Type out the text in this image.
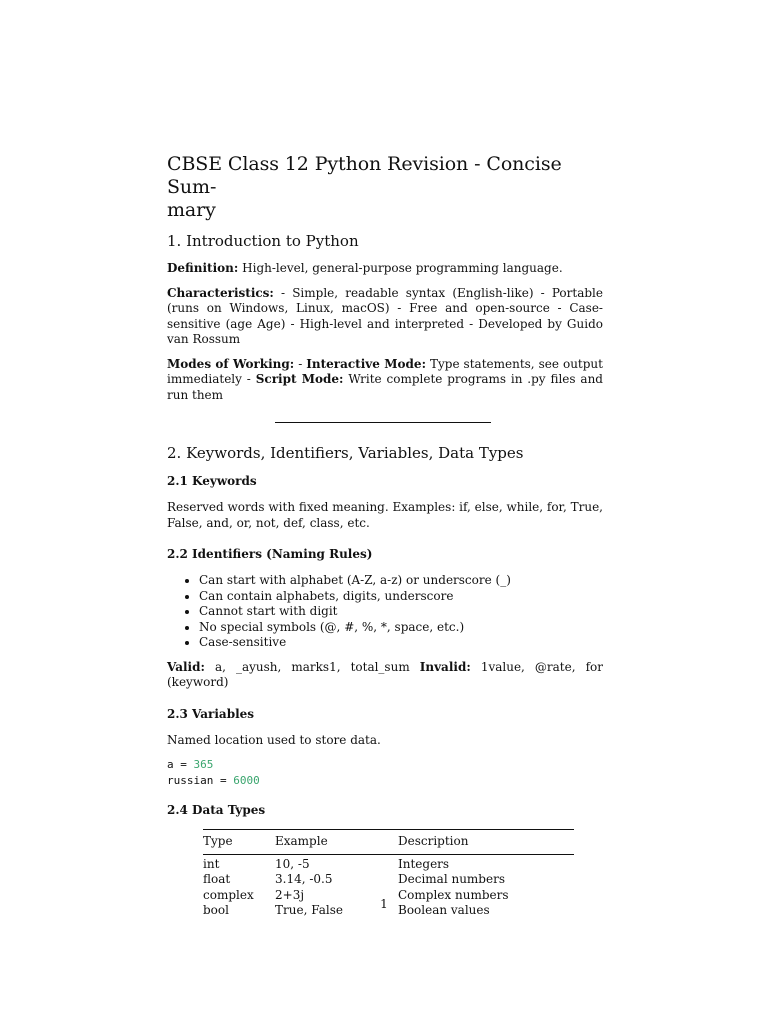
CBSE Class 12 Python Revision - Concise Sum-
mary
1. Introduction to Python

Definition: High-level, general-purpose programming language.

Characteristics: - Simple, readable syntax (English-like) - Portable (runs on Windows, Linux, macOS) - Free and open-source - Case-sensitive (age Age) - High-level and interpreted - Developed by Guido van Rossum

Modes of Working: - Interactive Mode: Type statements, see output immediately - Script Mode: Write complete programs in .py files and run them

2. Keywords, Identifiers, Variables, Data Types
2.1 Keywords

Reserved words with fixed meaning. Examples: if, else, while, for, True, False, and, or, not, def, class, etc.

2.2 Identifiers (Naming Rules)
• Can start with alphabet (A-Z, a-z) or underscore (_)
• Can contain alphabets, digits, underscore
• Cannot start with digit
• No special symbols (@, #, %, *, space, etc.)
• Case-sensitive

Valid: a, _ayush, marks1, total_sum Invalid: 1value, @rate, for (keyword)

2.3 Variables

Named location used to store data.

a = 365
russian = 6000
2.4 Data Types
Type	Example	Description
int	10, -5	Integers
float	3.14, -0.5	Decimal numbers
complex	2+3j	Complex numbers
bool	True, False	Boolean values
1
